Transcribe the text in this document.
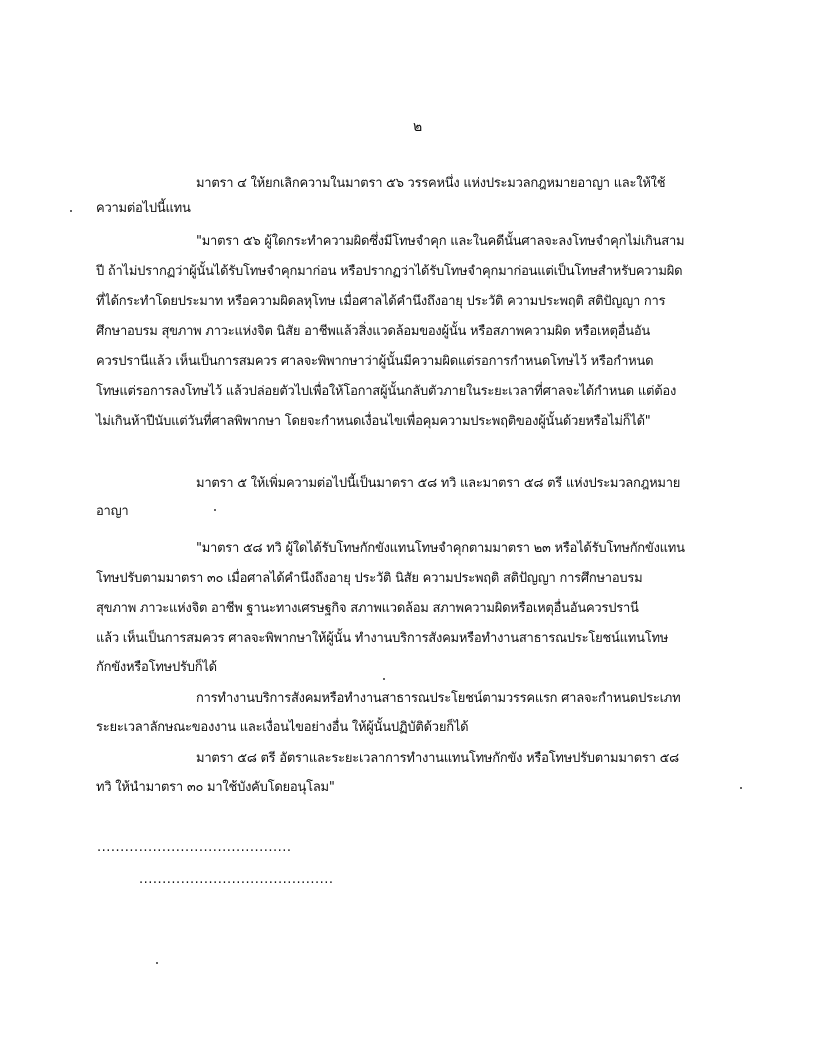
๒
มาตรา ๔ ให้ยกเลิกความในมาตรา ๕๖ วรรคหนึ่ง แห่งประมวลกฎหมายอาญา และให้ใช้
ความต่อไปนี้แทน
"มาตรา ๕๖ ผู้ใดกระทำความผิดซึ่งมีโทษจำคุก และในคดีนั้นศาลจะลงโทษจำคุกไม่เกินสาม
ปี ถ้าไม่ปรากฏว่าผู้นั้นได้รับโทษจำคุกมาก่อน หรือปรากฏว่าได้รับโทษจำคุกมาก่อนแต่เป็นโทษสำหรับความผิด
ที่ได้กระทำโดยประมาท หรือความผิดลหุโทษ เมื่อศาลได้คำนึงถึงอายุ ประวัติ ความประพฤติ สติปัญญา การ
ศึกษาอบรม สุขภาพ ภาวะแห่งจิต นิสัย อาชีพแล้วสิ่งแวดล้อมของผู้นั้น หรือสภาพความผิด หรือเหตุอื่นอัน
ควรปรานีแล้ว เห็นเป็นการสมควร ศาลจะพิพากษาว่าผู้นั้นมีความผิดแต่รอการกำหนดโทษไว้ หรือกำหนด
โทษแต่รอการลงโทษไว้ แล้วปล่อยตัวไปเพื่อให้โอกาสผู้นั้นกลับตัวภายในระยะเวลาที่ศาลจะได้กำหนด แต่ต้อง
ไม่เกินห้าปีนับแต่วันที่ศาลพิพากษา โดยจะกำหนดเงื่อนไขเพื่อคุมความประพฤติของผู้นั้นด้วยหรือไม่ก็ได้"
มาตรา ๕ ให้เพิ่มความต่อไปนี้เป็นมาตรา ๕๘ ทวิ และมาตรา ๕๘ ตรี แห่งประมวลกฎหมาย
อาญา
"มาตรา ๕๘ ทวิ ผู้ใดได้รับโทษกักขังแทนโทษจำคุกตามมาตรา ๒๓ หรือได้รับโทษกักขังแทน
โทษปรับตามมาตรา ๓๐ เมื่อศาลได้คำนึงถึงอายุ ประวัติ นิสัย ความประพฤติ สติปัญญา การศึกษาอบรม
สุขภาพ ภาวะแห่งจิต อาชีพ ฐานะทางเศรษฐกิจ สภาพแวดล้อม สภาพความผิดหรือเหตุอื่นอันควรปรานี
แล้ว เห็นเป็นการสมควร ศาลจะพิพากษาให้ผู้นั้น ทำงานบริการสังคมหรือทำงานสาธารณประโยชน์แทนโทษ
กักขังหรือโทษปรับก็ได้
การทำงานบริการสังคมหรือทำงานสาธารณประโยชน์ตามวรรคแรก ศาลจะกำหนดประเภท
ระยะเวลาลักษณะของงาน และเงื่อนไขอย่างอื่น ให้ผู้นั้นปฏิบัติด้วยก็ได้
มาตรา ๕๘ ตรี อัตราและระยะเวลาการทำงานแทนโทษกักขัง หรือโทษปรับตามมาตรา ๕๘
ทวิ ให้นำมาตรา ๓๐ มาใช้บังคับโดยอนุโลม"
..........................................
..........................................
